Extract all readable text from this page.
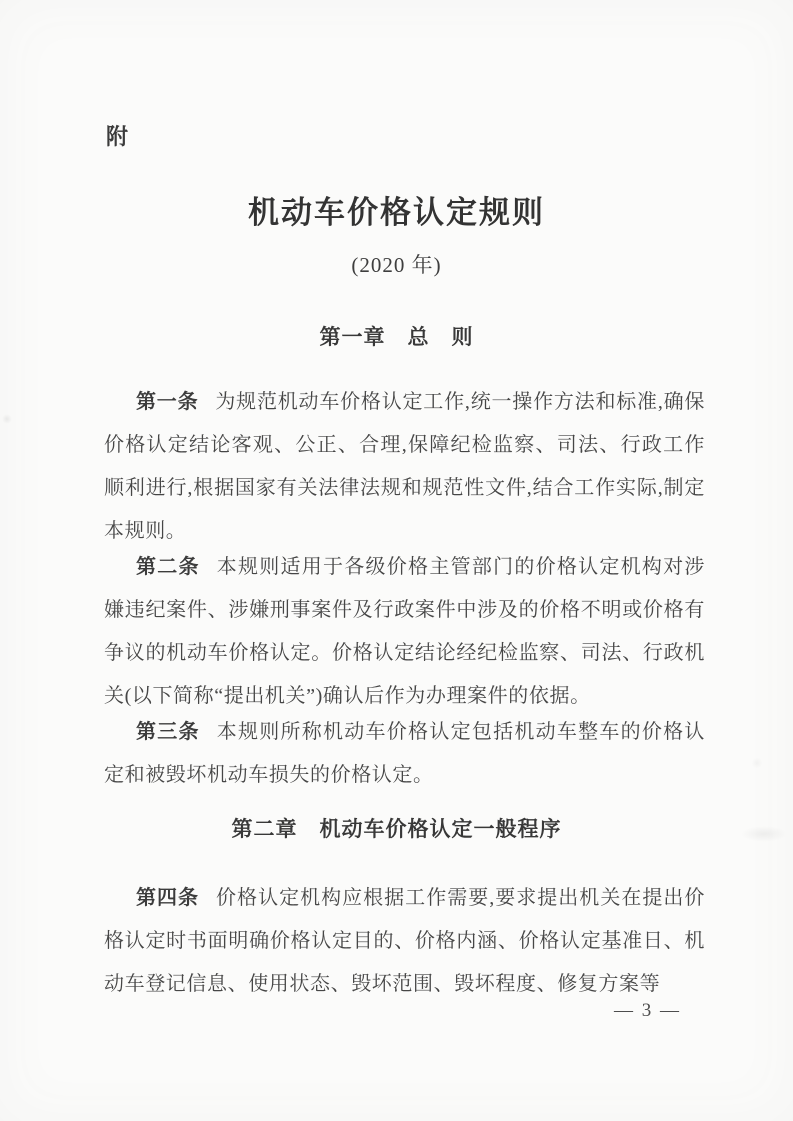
附
机动车价格认定规则
(2020 年)
第一章　总　则

第一条 为规范机动车价格认定工作,统一操作方法和标准,确保价格认定结论客观、公正、合理,保障纪检监察、司法、行政工作顺利进行,根据国家有关法律法规和规范性文件,结合工作实际,制定本规则。

第二条 本规则适用于各级价格主管部门的价格认定机构对涉嫌违纪案件、涉嫌刑事案件及行政案件中涉及的价格不明或价格有争议的机动车价格认定。价格认定结论经纪检监察、司法、行政机关(以下简称“提出机关”)确认后作为办理案件的依据。

第三条 本规则所称机动车价格认定包括机动车整车的价格认定和被毁坏机动车损失的价格认定。

第二章　机动车价格认定一般程序

第四条 价格认定机构应根据工作需要,要求提出机关在提出价格认定时书面明确价格认定目的、价格内涵、价格认定基准日、机动车登记信息、使用状态、毁坏范围、毁坏程度、修复方案等

— 3 —
